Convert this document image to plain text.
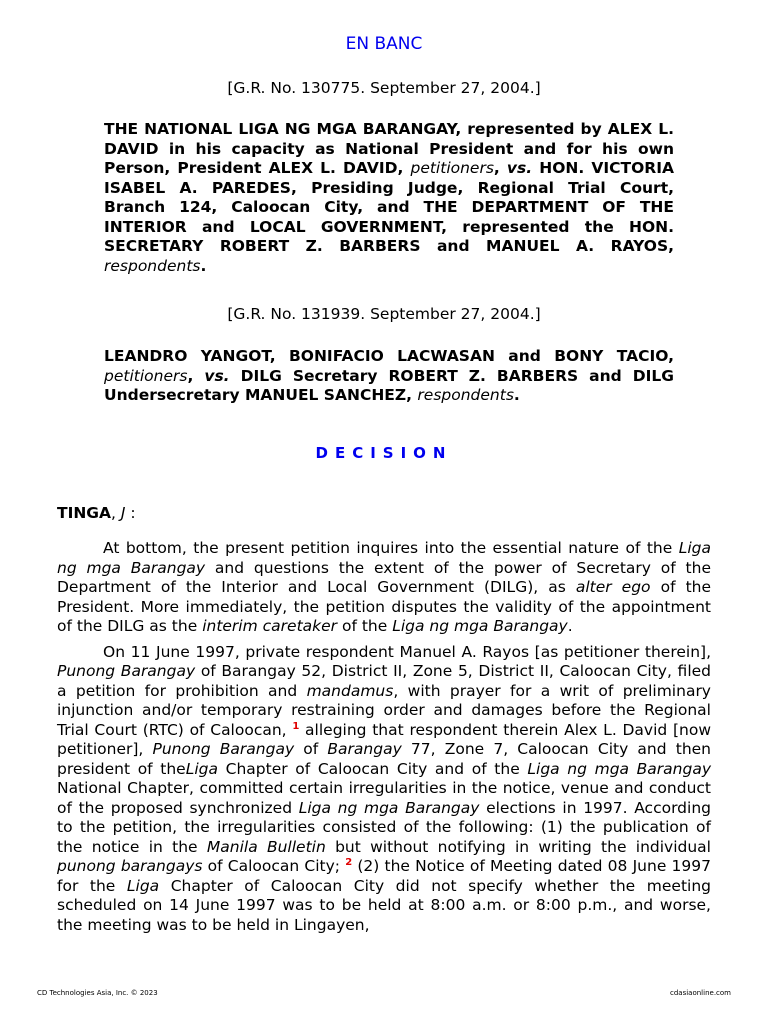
EN BANC
[G.R. No. 130775. September 27, 2004.]
THE NATIONAL LIGA NG MGA BARANGAY, represented by ALEX L. DAVID in his capacity as National President and for his own Person, President ALEX L. DAVID, petitioners, vs. HON. VICTORIA ISABEL A. PAREDES, Presiding Judge, Regional Trial Court, Branch 124, Caloocan City, and THE DEPARTMENT OF THE INTERIOR and LOCAL GOVERNMENT, represented the HON. SECRETARY ROBERT Z. BARBERS and MANUEL A. RAYOS, respondents.
[G.R. No. 131939. September 27, 2004.]
LEANDRO YANGOT, BONIFACIO LACWASAN and BONY TACIO, petitioners, vs. DILG Secretary ROBERT Z. BARBERS and DILG Undersecretary MANUEL SANCHEZ, respondents.
DECISION
TINGA, J :

At bottom, the present petition inquires into the essential nature of the Liga ng mga Barangay and questions the extent of the power of Secretary of the Department of the Interior and Local Government (DILG), as alter ego of the President. More immediately, the petition disputes the validity of the appointment of the DILG as the interim caretaker of the Liga ng mga Barangay.

On 11 June 1997, private respondent Manuel A. Rayos [as petitioner therein], Punong Barangay of Barangay 52, District II, Zone 5, District II, Caloocan City, filed a petition for prohibition and mandamus, with prayer for a writ of preliminary injunction and/or temporary restraining order and damages before the Regional Trial Court (RTC) of Caloocan, $^1$ alleging that respondent therein Alex L. David [now petitioner], Punong Barangay of Barangay 77, Zone 7, Caloocan City and then president of theLiga Chapter of Caloocan City and of the Liga ng mga Barangay National Chapter, committed certain irregularities in the notice, venue and conduct of the proposed synchronized Liga ng mga Barangay elections in 1997. According to the petition, the irregularities consisted of the following: (1) the publication of the notice in the Manila Bulletin but without notifying in writing the individual punong barangays of Caloocan City; $^2$ (2) the Notice of Meeting dated 08 June 1997 for the Liga Chapter of Caloocan City did not specify whether the meeting scheduled on 14 June 1997 was to be held at 8:00 a.m. or 8:00 p.m., and worse, the meeting was to be held in Lingayen,

CD Technologies Asia, Inc. © 2023	cdasiaonline.com
